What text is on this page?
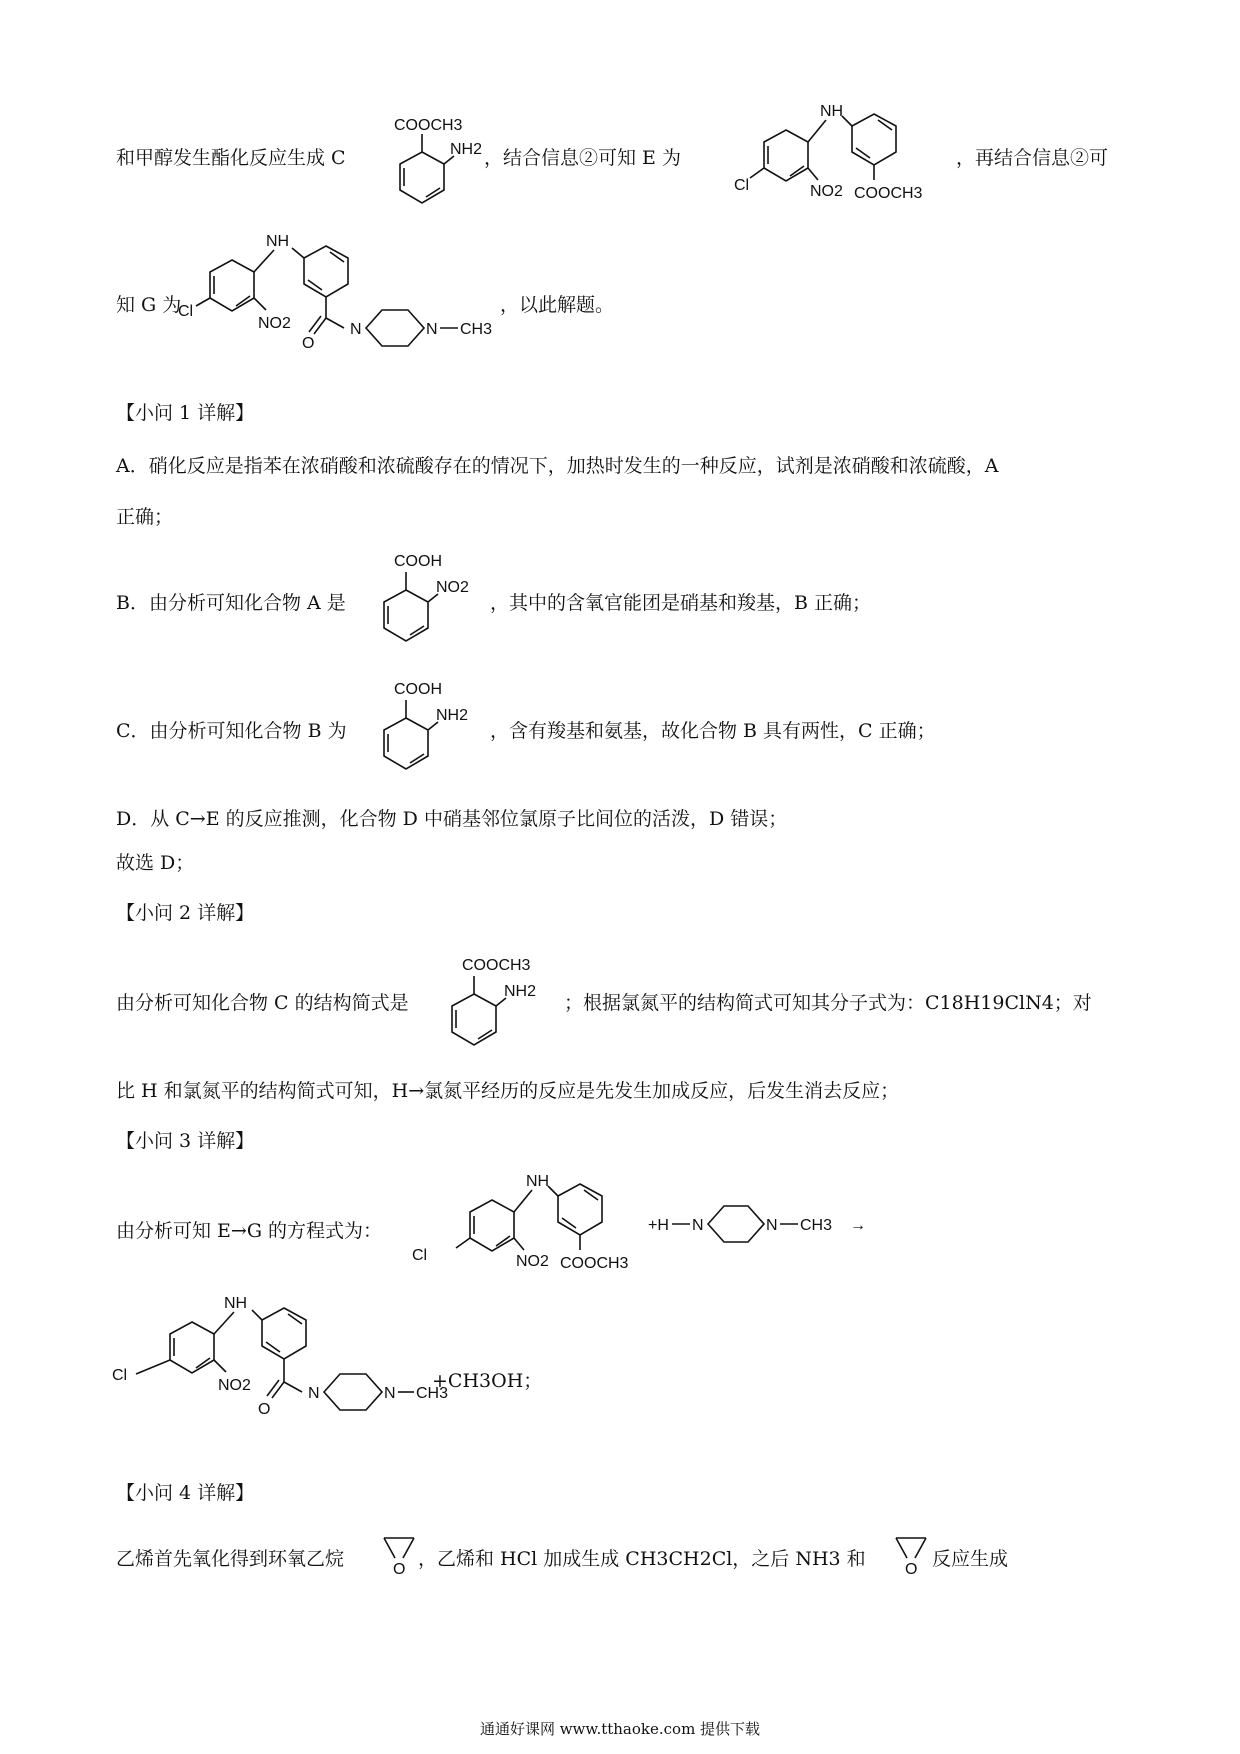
和甲醇发生酯化反应生成 C
COOCH3
NH2 ，结合信息②可知 E 为
NH
Cl	NO2 COOCH3
，再结合信息②可
知 G 为
NH
Cl
NO2
O
N	N CH3
，以此解题。
【小问 1 详解】
A．硝化反应是指苯在浓硝酸和浓硫酸存在的情况下，加热时发生的一种反应，试剂是浓硝酸和浓硫酸，A
正确；
B．由分析可知化合物 A 是
COOH
NO2
，其中的含氧官能团是硝基和羧基，B 正确；
C．由分析可知化合物 B 为
COOH
NH2
，含有羧基和氨基，故化合物 B 具有两性，C 正确；
D．从 C→E 的反应推测，化合物 D 中硝基邻位氯原子比间位的活泼，D 错误；
故选 D；
【小问 2 详解】
由分析可知化合物 C 的结构简式是
COOCH3
NH2
；根据氯氮平的结构简式可知其分子式为：C18H19ClN4；对
比 H 和氯氮平的结构简式可知，H→氯氮平经历的反应是先发生加成反应，后发生消去反应；
【小问 3 详解】
由分析可知 E→G 的方程式为：
NH
Cl	NO2 COOCH3
+H N	N CH3 →
NH
Cl
NO2
O
N	N CH3
+CH3OH；
【小问 4 详解】
乙烯首先氧化得到环氧乙烷	O ，乙烯和 HCl 加成生成 CH3CH2Cl，之后 NH3 和 O 反应生成
通通好课网 www.tthaoke.com 提供下载
